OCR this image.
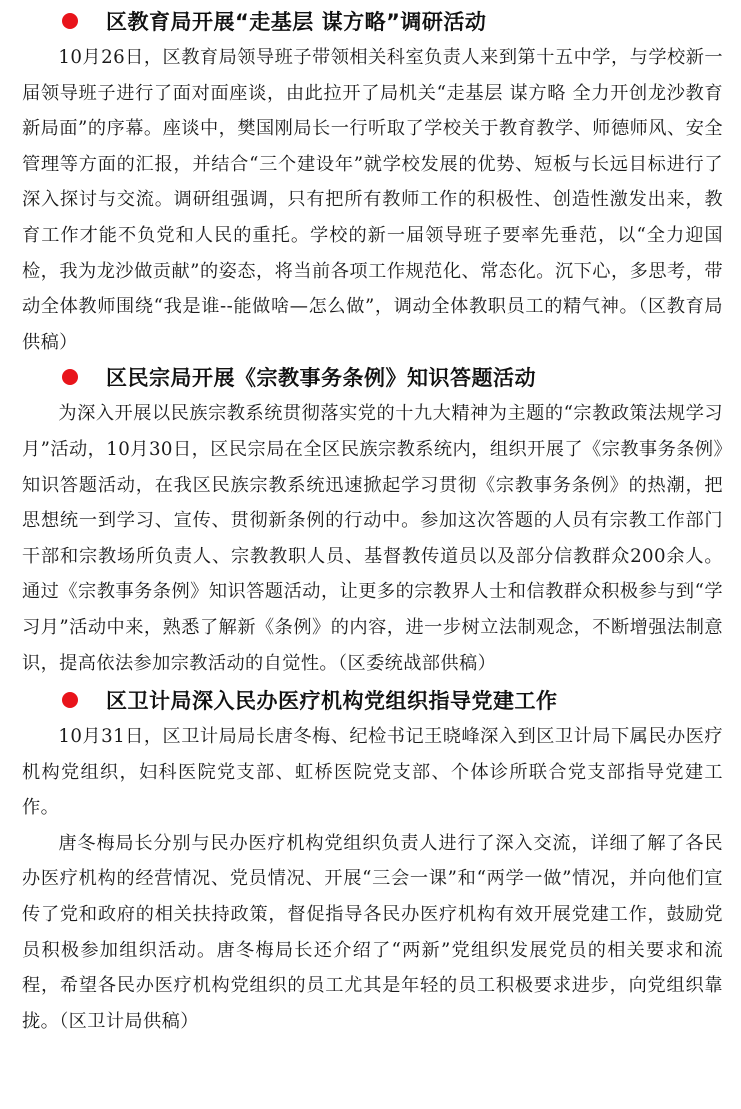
区教育局开展“走基层 谋方略”调研活动

10月26日，区教育局领导班子带领相关科室负责人来到第十五中学，与学校新一届领导班子进行了面对面座谈，由此拉开了局机关“走基层 谋方略 全力开创龙沙教育新局面”的序幕。座谈中，樊国刚局长一行听取了学校关于教育教学、师德师风、安全管理等方面的汇报，并结合“三个建设年”就学校发展的优势、短板与长远目标进行了深入探讨与交流。调研组强调，只有把所有教师工作的积极性、创造性激发出来，教育工作才能不负党和人民的重托。学校的新一届领导班子要率先垂范，以“全力迎国检，我为龙沙做贡献”的姿态，将当前各项工作规范化、常态化。沉下心，多思考，带动全体教师围绕“我是谁--能做啥—怎么做”，调动全体教职员工的精气神。（区教育局供稿）

区民宗局开展《宗教事务条例》知识答题活动

为深入开展以民族宗教系统贯彻落实党的十九大精神为主题的“宗教政策法规学习月”活动，10月30日，区民宗局在全区民族宗教系统内，组织开展了《宗教事务条例》知识答题活动，在我区民族宗教系统迅速掀起学习贯彻《宗教事务条例》的热潮，把思想统一到学习、宣传、贯彻新条例的行动中。参加这次答题的人员有宗教工作部门干部和宗教场所负责人、宗教教职人员、基督教传道员以及部分信教群众200余人。通过《宗教事务条例》知识答题活动，让更多的宗教界人士和信教群众积极参与到“学习月”活动中来，熟悉了解新《条例》的内容，进一步树立法制观念，不断增强法制意识，提高依法参加宗教活动的自觉性。（区委统战部供稿）

区卫计局深入民办医疗机构党组织指导党建工作

10月31日，区卫计局局长唐冬梅、纪检书记王晓峰深入到区卫计局下属民办医疗机构党组织，妇科医院党支部、虹桥医院党支部、个体诊所联合党支部指导党建工作。

唐冬梅局长分别与民办医疗机构党组织负责人进行了深入交流，详细了解了各民办医疗机构的经营情况、党员情况、开展“三会一课”和“两学一做”情况，并向他们宣传了党和政府的相关扶持政策，督促指导各民办医疗机构有效开展党建工作，鼓励党员积极参加组织活动。唐冬梅局长还介绍了“两新”党组织发展党员的相关要求和流程，希望各民办医疗机构党组织的员工尤其是年轻的员工积极要求进步，向党组织靠拢。（区卫计局供稿）
